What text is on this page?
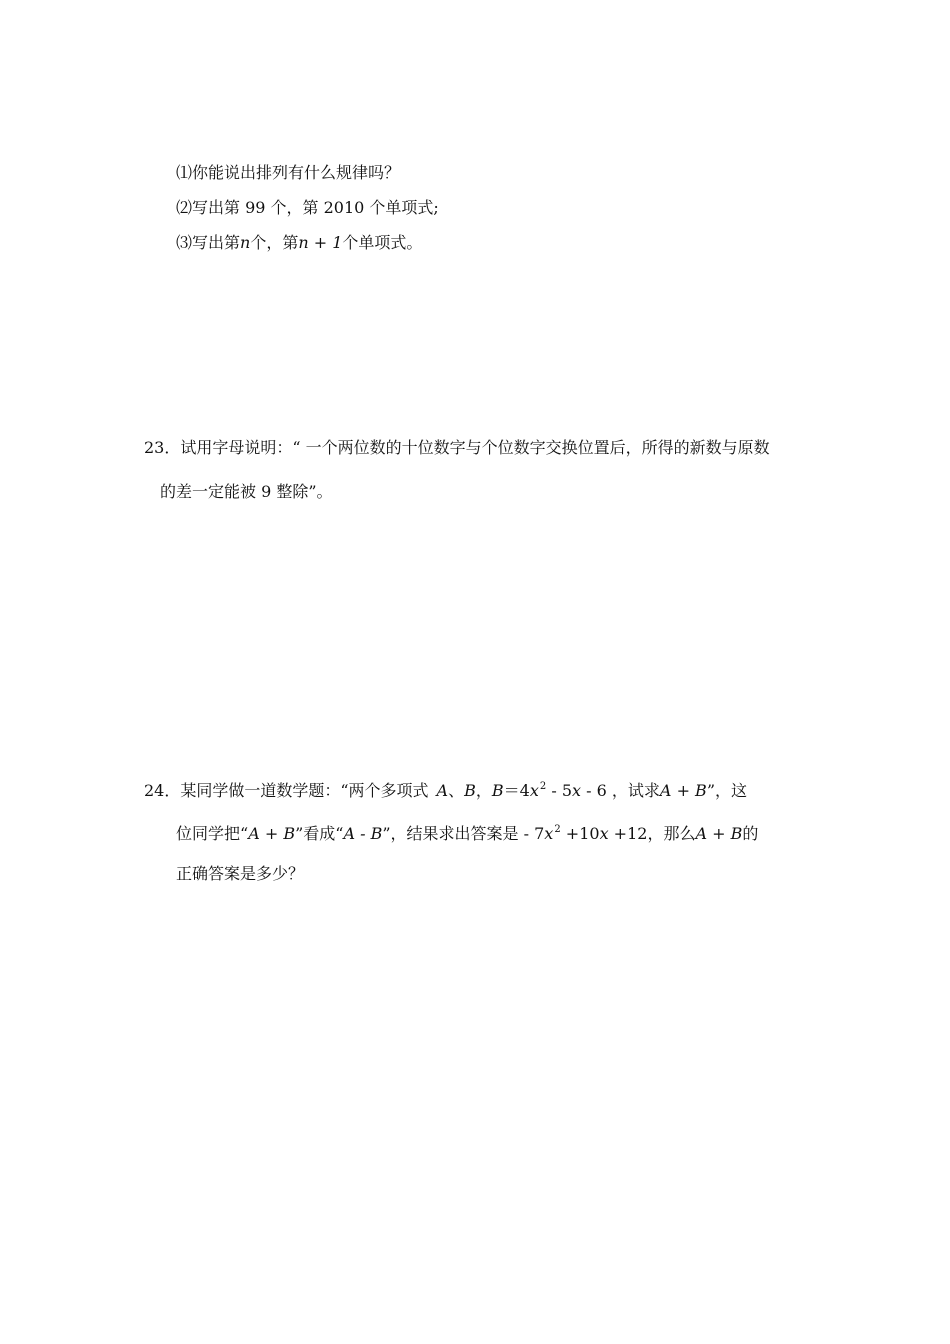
⑴你能说出排列有什么规律吗？
⑵写出第 99 个，第 2010 个单项式;
⑶写出第n个，第n + 1个单项式。
23．试用字母说明：“ 一个两位数的十位数字与个位数字交换位置后，所得的新数与原数
的差一定能被 9 整除”。
24．某同学做一道数学题：“两个多项式 A、B，$B=4x^2 - 5x - 6$ ，试求A + B”，这
位同学把“A + B”看成“A - B”，结果求出答案是 - $7x^2 +10x +12$，那么A + B的
正确答案是多少？
